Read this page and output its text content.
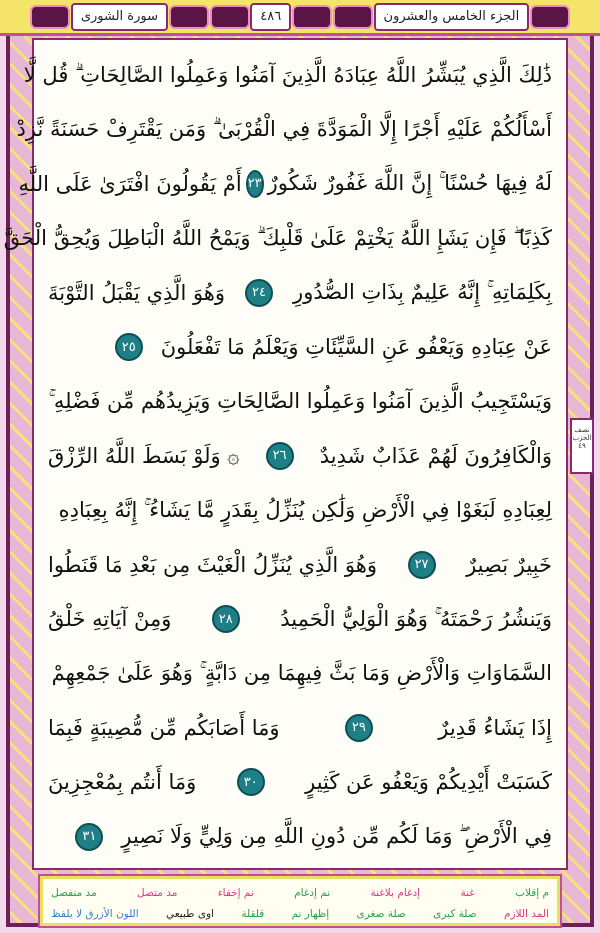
الجزء الخامس والعشرون
٤٨٦
سورة الشورى
ذَٰلِكَ الَّذِي يُبَشِّرُ اللَّهُ عِبَادَهُ الَّذِينَ آمَنُوا وَعَمِلُوا الصَّالِحَاتِ ۗ قُل لَّا
أَسْأَلُكُمْ عَلَيْهِ أَجْرًا إِلَّا الْمَوَدَّةَ فِي الْقُرْبَىٰ ۗ وَمَن يَقْتَرِفْ حَسَنَةً نَّزِدْ
لَهُ فِيهَا حُسْنًا ۚ إِنَّ اللَّهَ غَفُورٌ شَكُورٌ
٢٣
أَمْ يَقُولُونَ افْتَرَىٰ عَلَى اللَّهِ
كَذِبًا ۖ فَإِن يَشَإِ اللَّهُ يَخْتِمْ عَلَىٰ قَلْبِكَ ۗ وَيَمْحُ اللَّهُ الْبَاطِلَ وَيُحِقُّ الْحَقَّ
بِكَلِمَاتِهِ ۚ إِنَّهُ عَلِيمٌ بِذَاتِ الصُّدُورِ
٢٤
وَهُوَ الَّذِي يَقْبَلُ التَّوْبَةَ
عَنْ عِبَادِهِ وَيَعْفُو عَنِ السَّيِّئَاتِ وَيَعْلَمُ مَا تَفْعَلُونَ
٢٥
وَيَسْتَجِيبُ الَّذِينَ آمَنُوا وَعَمِلُوا الصَّالِحَاتِ وَيَزِيدُهُم مِّن فَضْلِهِ ۚ
وَالْكَافِرُونَ لَهُمْ عَذَابٌ شَدِيدٌ
٢٦
۞ وَلَوْ بَسَطَ اللَّهُ الرِّزْقَ
لِعِبَادِهِ لَبَغَوْا فِي الْأَرْضِ وَلَٰكِن يُنَزِّلُ بِقَدَرٍ مَّا يَشَاءُ ۚ إِنَّهُ بِعِبَادِهِ
خَبِيرٌ بَصِيرٌ
٢٧
وَهُوَ الَّذِي يُنَزِّلُ الْغَيْثَ مِن بَعْدِ مَا قَنَطُوا
وَيَنشُرُ رَحْمَتَهُ ۚ وَهُوَ الْوَلِيُّ الْحَمِيدُ
٢٨
وَمِنْ آيَاتِهِ خَلْقُ
السَّمَاوَاتِ وَالْأَرْضِ وَمَا بَثَّ فِيهِمَا مِن دَابَّةٍ ۚ وَهُوَ عَلَىٰ جَمْعِهِمْ
إِذَا يَشَاءُ قَدِيرٌ
٢٩
وَمَا أَصَابَكُم مِّن مُّصِيبَةٍ فَبِمَا
كَسَبَتْ أَيْدِيكُمْ وَيَعْفُو عَن كَثِيرٍ
٣٠
وَمَا أَنتُم بِمُعْجِزِينَ
فِي الْأَرْضِ ۖ وَمَا لَكُم مِّن دُونِ اللَّهِ مِن وَلِيٍّ وَلَا نَصِيرٍ
٣١
نصف الحزب ٤٩
م إقلاب
غنة
إدغام بلاغنة
نم إدغام
نم إخفاء
مد متصل
مد منفصل
المد اللازم
صلة كبرى
صلة صغرى
إظهار نم
قلقلة
اوى طبيعي
اللون الأزرق لا يلفظ
